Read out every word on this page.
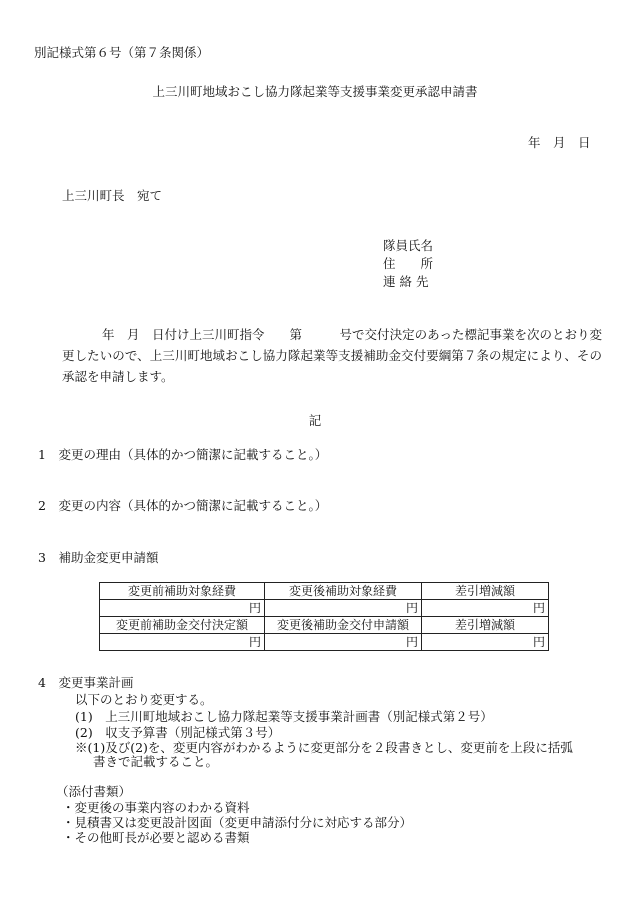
別記様式第６号（第７条関係）
上三川町地域おこし協力隊起業等支援事業変更承認申請書
年　月　日
上三川町長　宛て
隊員氏名
住　　所
連 絡 先
年　月　日付け上三川町指令　　第　　　号で交付決定のあった標記事業を次のとおり変更したいので、上三川町地域おこし協力隊起業等支援補助金交付要綱第７条の規定により、その承認を申請します。
記
1　変更の理由（具体的かつ簡潔に記載すること。）
2　変更の内容（具体的かつ簡潔に記載すること。）
3　補助金変更申請額
変更前補助対象経費	変更後補助対象経費	差引増減額
円	円	円
変更前補助金交付決定額	変更後補助金交付申請額	差引増減額
円	円	円
4　変更事業計画
以下のとおり変更する。
(1)　上三川町地域おこし協力隊起業等支援事業計画書（別記様式第２号）
(2)　収支予算書（別記様式第３号）
※(1)及び(2)を、変更内容がわかるように変更部分を２段書きとし、変更前を上段に括弧
書きで記載すること。
（添付書類）
・変更後の事業内容のわかる資料
・見積書又は変更設計図面（変更申請添付分に対応する部分）
・その他町長が必要と認める書類
